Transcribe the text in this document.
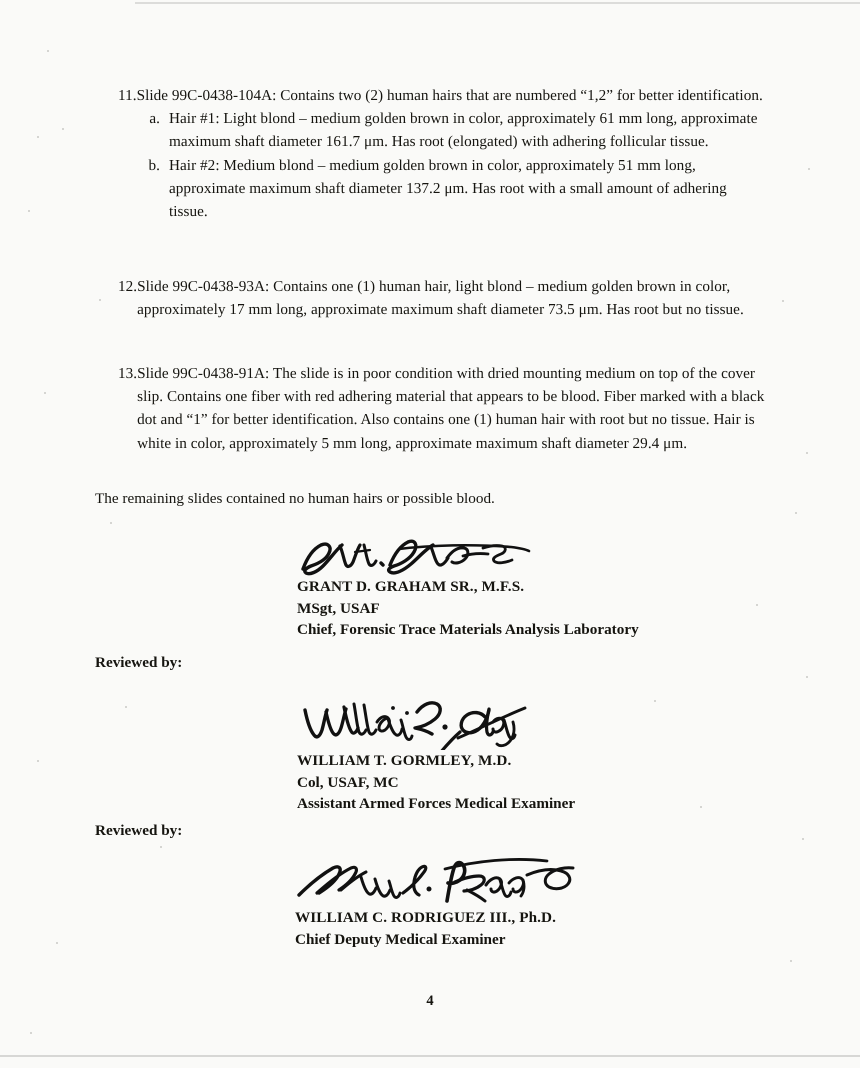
11. Slide 99C-0438-104A: Contains two (2) human hairs that are numbered “1,2” for better identification.
a. Hair #1: Light blond – medium golden brown in color, approximately 61 mm long, approximate maximum shaft diameter 161.7 μm. Has root (elongated) with adhering follicular tissue.
b. Hair #2: Medium blond – medium golden brown in color, approximately 51 mm long, approximate maximum shaft diameter 137.2 μm. Has root with a small amount of adhering tissue.
12. Slide 99C-0438-93A: Contains one (1) human hair, light blond – medium golden brown in color, approximately 17 mm long, approximate maximum shaft diameter 73.5 μm. Has root but no tissue.
13. Slide 99C-0438-91A: The slide is in poor condition with dried mounting medium on top of the cover slip. Contains one fiber with red adhering material that appears to be blood. Fiber marked with a black dot and “1” for better identification. Also contains one (1) human hair with root but no tissue. Hair is white in color, approximately 5 mm long, approximate maximum shaft diameter 29.4 μm.
The remaining slides contained no human hairs or possible blood.
GRANT D. GRAHAM SR., M.F.S.
MSgt, USAF
Chief, Forensic Trace Materials Analysis Laboratory
Reviewed by:
WILLIAM T. GORMLEY, M.D.
Col, USAF, MC
Assistant Armed Forces Medical Examiner
Reviewed by:
WILLIAM C. RODRIGUEZ III., Ph.D.
Chief Deputy Medical Examiner
4
